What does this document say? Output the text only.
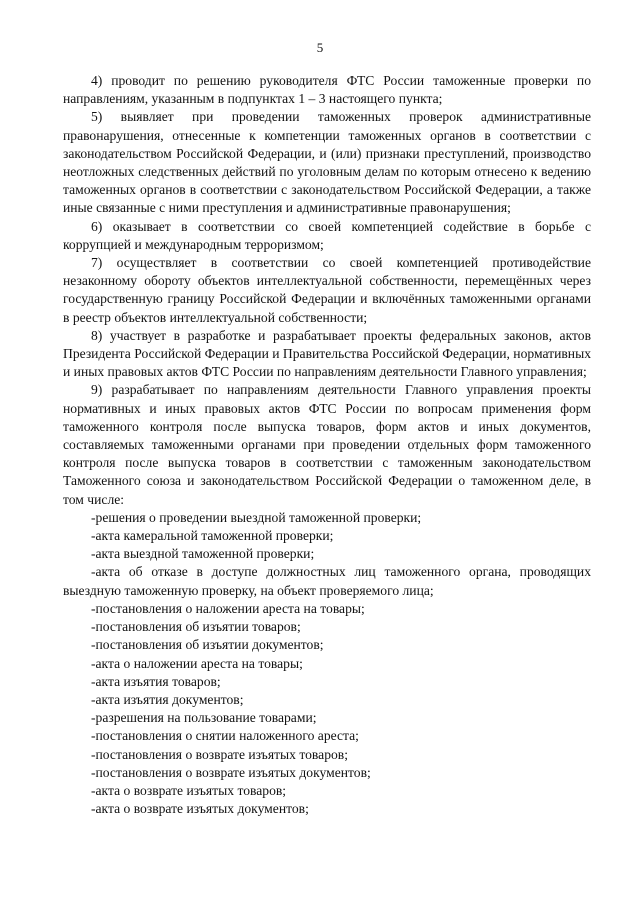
5

4) проводит по решению руководителя ФТС России таможенные проверки по направлениям, указанным в подпунктах 1 – 3 настоящего пункта;

5) выявляет при проведении таможенных проверок административные правонарушения, отнесенные к компетенции таможенных органов в соответствии с законодательством Российской Федерации, и (или) признаки преступлений, производство неотложных следственных действий по уголовным делам по которым отнесено к ведению таможенных органов в соответствии с законодательством Российской Федерации, а также иные связанные с ними преступления и административные правонарушения;

6) оказывает в соответствии со своей компетенцией содействие в борьбе с коррупцией и международным терроризмом;

7) осуществляет в соответствии со своей компетенцией противодействие незаконному обороту объектов интеллектуальной собственности, перемещённых через государственную границу Российской Федерации и включённых таможенными органами в реестр объектов интеллектуальной собственности;

8) участвует в разработке и разрабатывает проекты федеральных законов, актов Президента Российской Федерации и Правительства Российской Федерации, нормативных и иных правовых актов ФТС России по направлениям деятельности Главного управления;

9) разрабатывает по направлениям деятельности Главного управления проекты нормативных и иных правовых актов ФТС России по вопросам применения форм таможенного контроля после выпуска товаров, форм актов и иных документов, составляемых таможенными органами при проведении отдельных форм таможенного контроля после выпуска товаров в соответствии с таможенным законодательством Таможенного союза и законодательством Российской Федерации о таможенном деле, в том числе:

-решения о проведении выездной таможенной проверки;

-акта камеральной таможенной проверки;

-акта выездной таможенной проверки;

-акта об отказе в доступе должностных лиц таможенного органа, проводящих выездную таможенную проверку, на объект проверяемого лица;

-постановления о наложении ареста на товары;

-постановления об изъятии товаров;

-постановления об изъятии документов;

-акта о наложении ареста на товары;

-акта изъятия товаров;

-акта изъятия документов;

-разрешения на пользование товарами;

-постановления о снятии наложенного ареста;

-постановления о возврате изъятых товаров;

-постановления о возврате изъятых документов;

-акта о возврате изъятых товаров;

-акта о возврате изъятых документов;
